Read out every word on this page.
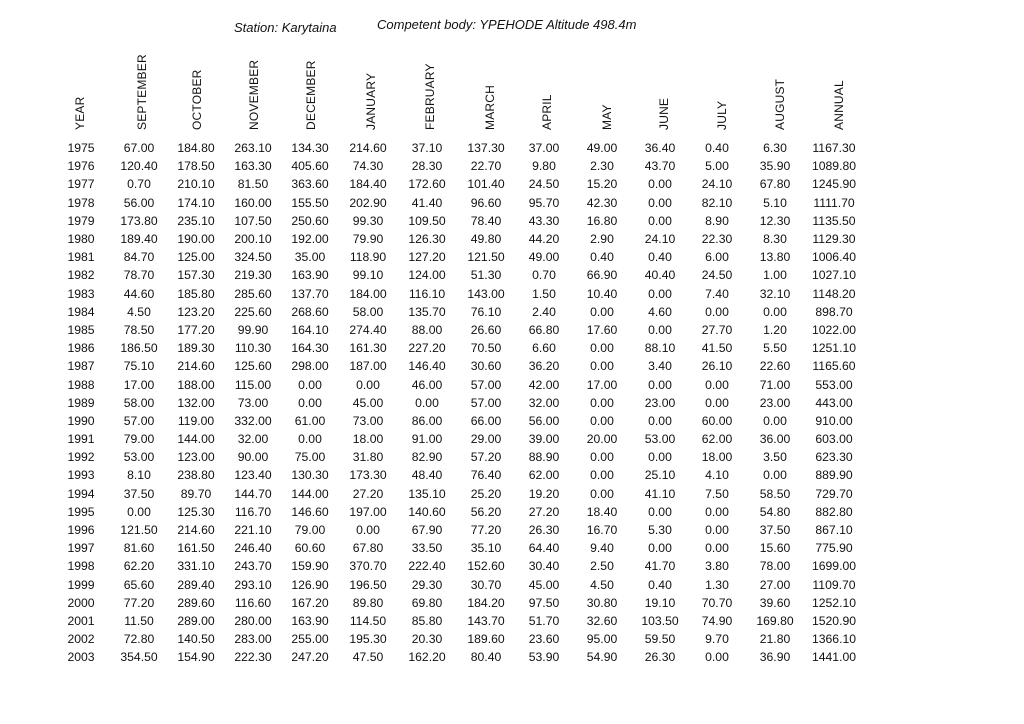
Station: Karytaina	Competent body: YPEHODE Altitude 498.4m
YEAR	SEPTEMBER	OCTOBER	NOVEMBER	DECEMBER	JANUARY	FEBRUARY	MARCH	APRIL	MAY	JUNE	JULY	AUGUST	ANNUAL
1975	67.00	184.80	263.10	134.30	214.60	37.10	137.30	37.00	49.00	36.40	0.40	6.30	1167.30
1976	120.40	178.50	163.30	405.60	74.30	28.30	22.70	9.80	2.30	43.70	5.00	35.90	1089.80
1977	0.70	210.10	81.50	363.60	184.40	172.60	101.40	24.50	15.20	0.00	24.10	67.80	1245.90
1978	56.00	174.10	160.00	155.50	202.90	41.40	96.60	95.70	42.30	0.00	82.10	5.10	1111.70
1979	173.80	235.10	107.50	250.60	99.30	109.50	78.40	43.30	16.80	0.00	8.90	12.30	1135.50
1980	189.40	190.00	200.10	192.00	79.90	126.30	49.80	44.20	2.90	24.10	22.30	8.30	1129.30
1981	84.70	125.00	324.50	35.00	118.90	127.20	121.50	49.00	0.40	0.40	6.00	13.80	1006.40
1982	78.70	157.30	219.30	163.90	99.10	124.00	51.30	0.70	66.90	40.40	24.50	1.00	1027.10
1983	44.60	185.80	285.60	137.70	184.00	116.10	143.00	1.50	10.40	0.00	7.40	32.10	1148.20
1984	4.50	123.20	225.60	268.60	58.00	135.70	76.10	2.40	0.00	4.60	0.00	0.00	898.70
1985	78.50	177.20	99.90	164.10	274.40	88.00	26.60	66.80	17.60	0.00	27.70	1.20	1022.00
1986	186.50	189.30	110.30	164.30	161.30	227.20	70.50	6.60	0.00	88.10	41.50	5.50	1251.10
1987	75.10	214.60	125.60	298.00	187.00	146.40	30.60	36.20	0.00	3.40	26.10	22.60	1165.60
1988	17.00	188.00	115.00	0.00	0.00	46.00	57.00	42.00	17.00	0.00	0.00	71.00	553.00
1989	58.00	132.00	73.00	0.00	45.00	0.00	57.00	32.00	0.00	23.00	0.00	23.00	443.00
1990	57.00	119.00	332.00	61.00	73.00	86.00	66.00	56.00	0.00	0.00	60.00	0.00	910.00
1991	79.00	144.00	32.00	0.00	18.00	91.00	29.00	39.00	20.00	53.00	62.00	36.00	603.00
1992	53.00	123.00	90.00	75.00	31.80	82.90	57.20	88.90	0.00	0.00	18.00	3.50	623.30
1993	8.10	238.80	123.40	130.30	173.30	48.40	76.40	62.00	0.00	25.10	4.10	0.00	889.90
1994	37.50	89.70	144.70	144.00	27.20	135.10	25.20	19.20	0.00	41.10	7.50	58.50	729.70
1995	0.00	125.30	116.70	146.60	197.00	140.60	56.20	27.20	18.40	0.00	0.00	54.80	882.80
1996	121.50	214.60	221.10	79.00	0.00	67.90	77.20	26.30	16.70	5.30	0.00	37.50	867.10
1997	81.60	161.50	246.40	60.60	67.80	33.50	35.10	64.40	9.40	0.00	0.00	15.60	775.90
1998	62.20	331.10	243.70	159.90	370.70	222.40	152.60	30.40	2.50	41.70	3.80	78.00	1699.00
1999	65.60	289.40	293.10	126.90	196.50	29.30	30.70	45.00	4.50	0.40	1.30	27.00	1109.70
2000	77.20	289.60	116.60	167.20	89.80	69.80	184.20	97.50	30.80	19.10	70.70	39.60	1252.10
2001	11.50	289.00	280.00	163.90	114.50	85.80	143.70	51.70	32.60	103.50	74.90	169.80	1520.90
2002	72.80	140.50	283.00	255.00	195.30	20.30	189.60	23.60	95.00	59.50	9.70	21.80	1366.10
2003	354.50	154.90	222.30	247.20	47.50	162.20	80.40	53.90	54.90	26.30	0.00	36.90	1441.00
